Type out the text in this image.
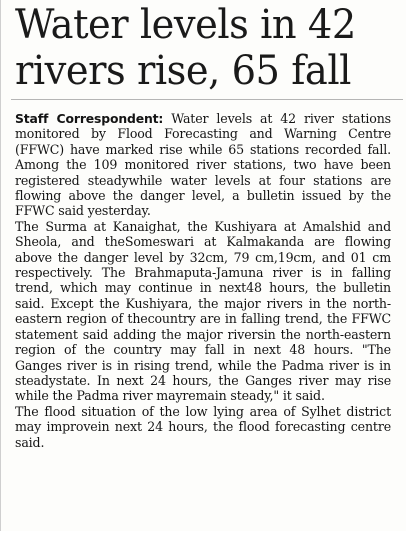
Water levels in 42
rivers rise, 65 fall

Staff Correspondent: Water levels at 42 river stations monitored by Flood Forecasting and Warning Centre (FFWC) have marked rise while 65 stations recorded fall. Among the 109 monitored river stations, two have been registered steadywhile water levels at four stations are flowing above the danger level, a bulletin issued by the FFWC said yesterday.

The Surma at Kanaighat, the Kushiyara at Amalshid and Sheola, and theSomeswari at Kalmakanda are flowing above the danger level by 32cm, 79 cm,19cm, and 01 cm respectively. The Brahmaputa-Jamuna river is in falling trend, which may continue in next48 hours, the bulletin said. Except the Kushiyara, the major rivers in the north-eastern region of thecountry are in falling trend, the FFWC statement said adding the major riversin the north-eastern region of the country may fall in next 48 hours. "The Ganges river is in rising trend, while the Padma river is in steadystate. In next 24 hours, the Ganges river may rise while the Padma river mayremain steady," it said.

The flood situation of the low lying area of Sylhet district may improvein next 24 hours, the flood forecasting centre said.
